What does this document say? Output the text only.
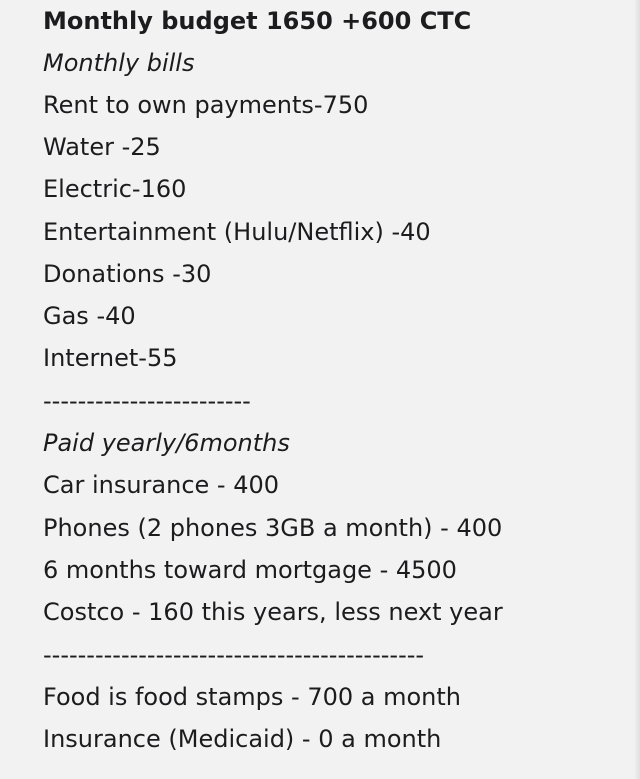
Monthly budget 1650 +600 CTC
Monthly bills
Rent to own payments-750
Water -25
Electric-160
Entertainment (Hulu/Netflix) -40
Donations -30
Gas -40
Internet-55
------------------------
Paid yearly/6months
Car insurance - 400
Phones (2 phones 3GB a month) - 400
6 months toward mortgage - 4500
Costco - 160 this years, less next year
--------------------------------------------
Food is food stamps - 700 a month
Insurance (Medicaid) - 0 a month
